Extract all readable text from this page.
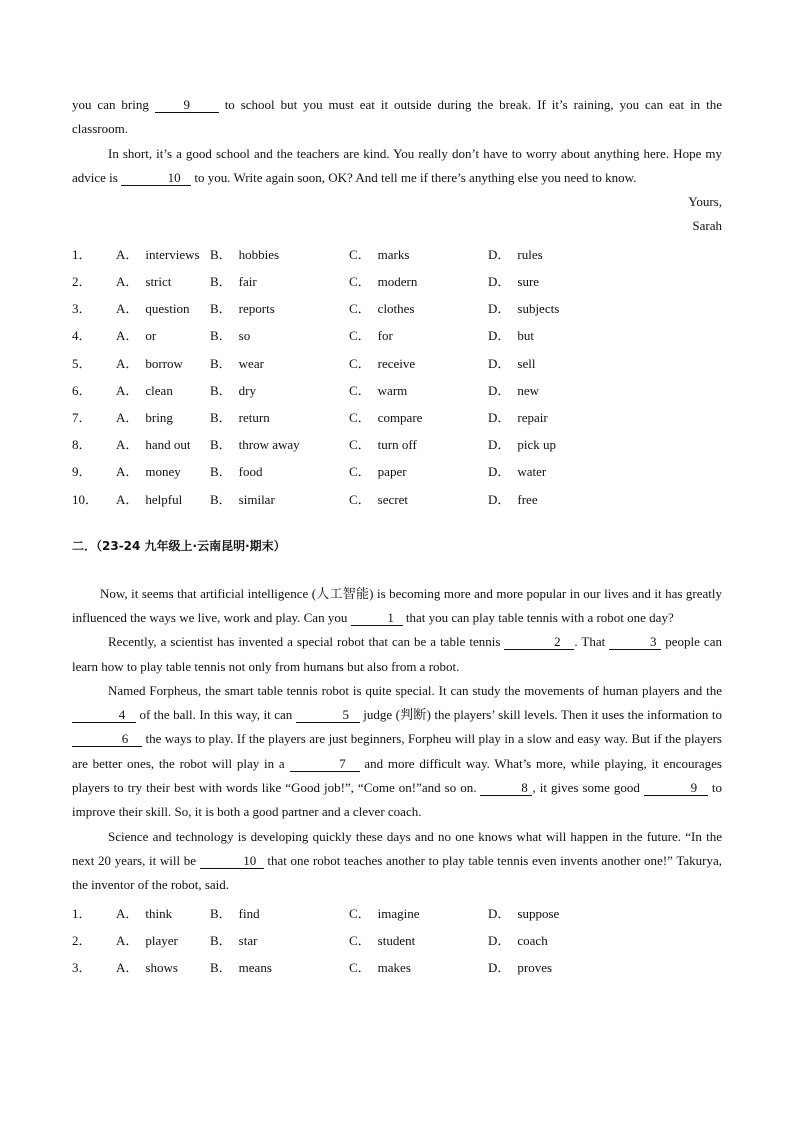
you can bring 9 to school but you must eat it outside during the break. If it’s raining, you can eat in the classroom.

In short, it’s a good school and the teachers are kind. You really don’t have to worry about anything here. Hope my advice is	10 to you. Write again soon, OK? And tell me if there’s anything else you need to know.

Yours,
Sarah
1．	A． interviews B． hobbies	C． marks	D． rules
2．	A． strict	B． fair	C． modern	D． sure
3．	A． question	B． reports	C． clothes	D． subjects
4．	A． or	B． so	C． for	D． but
5．	A． borrow	B． wear	C． receive	D． sell
6．	A． clean	B． dry	C． warm	D． new
7．	A． bring	B． return	C． compare	D． repair
8．	A． hand out	B． throw away	C． turn off	D． pick up
9．	A． money	B． food	C． paper	D． water
10．	A． helpful	B． similar	C． secret	D． free
二．（23-24 九年级上·云南昆明·期末）

Now, it seems that artificial intelligence (人工智能) is becoming more and more popular in our lives and it has greatly influenced the ways we live, work and play. Can you	1 that you can play table tennis with a robot one day?

Recently, a scientist has invented a special robot that can be a table tennis	2 . That	3 people can learn how to play table tennis not only from humans but also from a robot.

Named Forpheus, the smart table tennis robot is quite special. It can study the movements of human players and the 4 of the ball. In this way, it can	5 judge (判断) the players’ skill levels. Then it uses the information to 6 the ways to play. If the players are just beginners, Forpheu will play in a slow and easy way. But if the players are better ones, the robot will play in a	7 and more difficult way. What’s more, while playing, it encourages players to try their best with words like “Good job!”, “Come on!”and so on.	8 , it gives some good	9 to improve their skill. So, it is both a good partner and a clever coach.

Science and technology is developing quickly these days and no one knows what will happen in the future. “In the next 20 years, it will be	10 that one robot teaches another to play table tennis even invents another one!” Takurya, the inventor of the robot, said.

1．	A． think	B． find	C． imagine	D． suppose
2．	A． player	B． star	C． student	D． coach
3．	A． shows	B． means	C． makes	D． proves
